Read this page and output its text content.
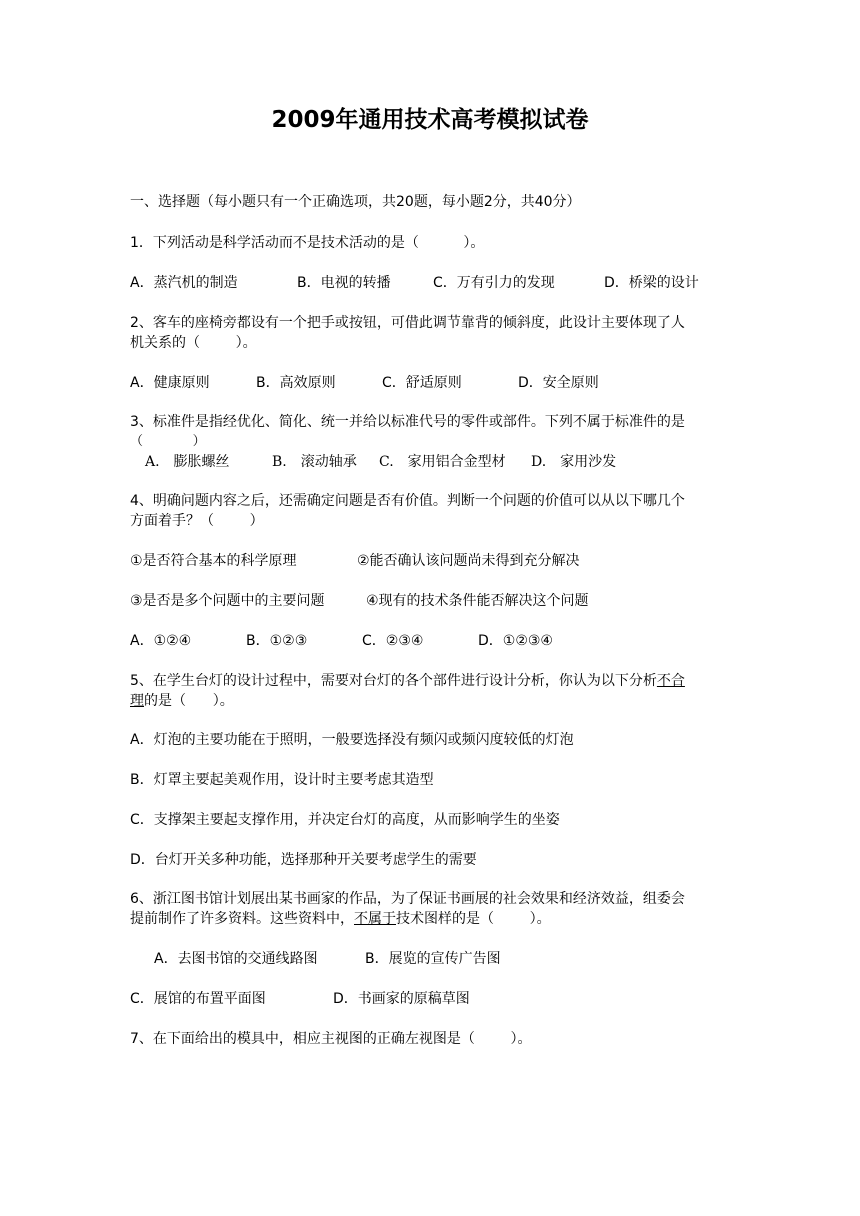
2009年通用技术高考模拟试卷
一、选择题（每小题只有一个正确选项，共20题，每小题2分，共40分）
1．下列活动是科学活动而不是技术活动的是（          ）。
A．蒸汽机的制造	B．电视的转播	C．万有引力的发现	D．桥梁的设计
2、客车的座椅旁都设有一个把手或按钮，可借此调节靠背的倾斜度，此设计主要体现了人
机关系的（        ）。
A．健康原则	B．高效原则	C．舒适原则	D．安全原则
3、标准件是指经优化、简化、统一并给以标准代号的零件或部件。下列不属于标准件的是
（            ）
A.　膨胀螺丝	B.　滚动轴承 C.　家用铝合金型材 D.　家用沙发
4、明确问题内容之后，还需确定问题是否有价值。判断一个问题的价值可以从以下哪几个
方面着手？（        ）
①是否符合基本的科学原理	②能否确认该问题尚未得到充分解决
③是否是多个问题中的主要问题	④现有的技术条件能否解决这个问题
A．①②④	B．①②③	C．②③④	D．①②③④
5、在学生台灯的设计过程中，需要对台灯的各个部件进行设计分析，你认为以下分析不合
理的是（      ）。
A．灯泡的主要功能在于照明，一般要选择没有频闪或频闪度较低的灯泡
B．灯罩主要起美观作用，设计时主要考虑其造型
C．支撑架主要起支撑作用，并决定台灯的高度，从而影响学生的坐姿
D．台灯开关多种功能，选择那种开关要考虑学生的需要
6、浙江图书馆计划展出某书画家的作品，为了保证书画展的社会效果和经济效益，组委会
提前制作了许多资料。这些资料中，不属于技术图样的是（        ）。
A．去图书馆的交通线路图	B．展览的宣传广告图
C．展馆的布置平面图	D．书画家的原稿草图
7、在下面给出的模具中，相应主视图的正确左视图是（        ）。
